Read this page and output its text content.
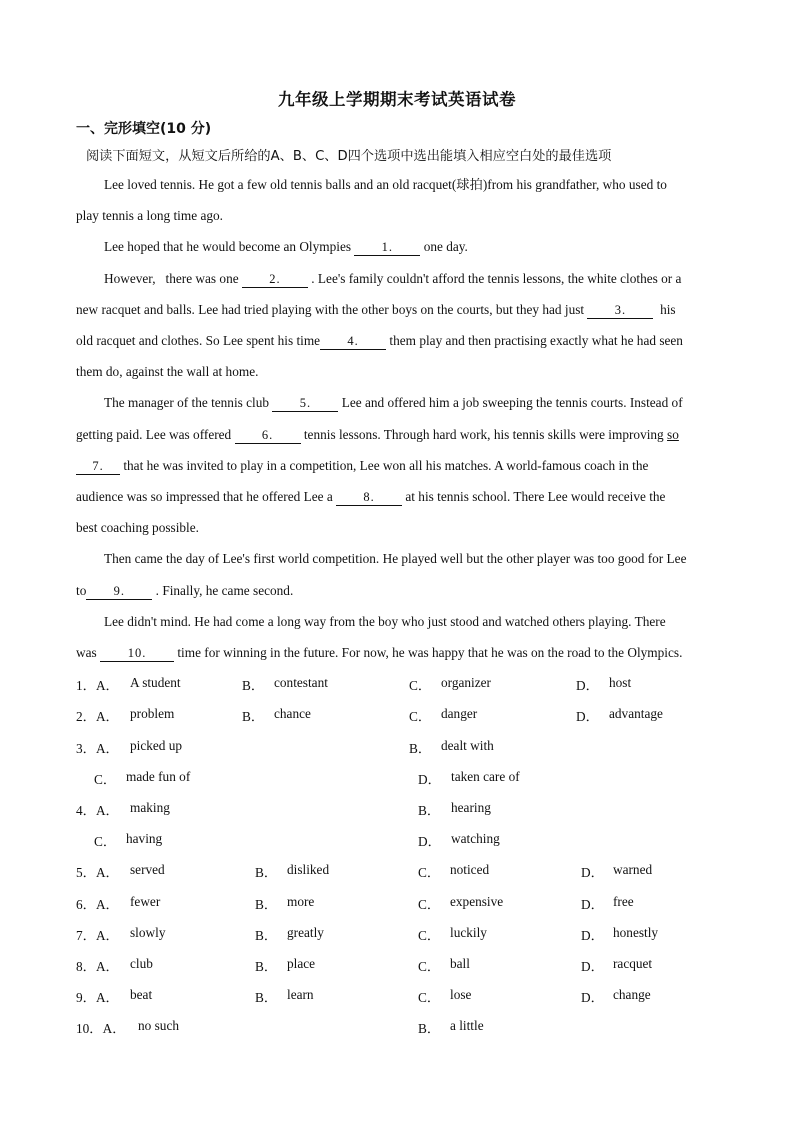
九年级上学期期末考试英语试卷
一、完形填空(10 分)
阅读下面短文，从短文后所给的A、B、C、D四个选项中选出能填入相应空白处的最佳选项
Lee loved tennis. He got a few old tennis balls and an old racquet(球拍)from his grandfather, who used to
play tennis a long time ago.
Lee hoped that he would become an Olympies 1. one day.
However, there was one 2. . Lee's family couldn't afford the tennis lessons, the white clothes or a
new racquet and balls. Lee had tried playing with the other boys on the courts, but they had just 3.	his
old racquet and clothes. So Lee spent his time 4. them play and then practising exactly what he had seen
them do, against the wall at home.
The manager of the tennis club 5. Lee and offered him a job sweeping the tennis courts. Instead of
getting paid. Lee was offered 6. tennis lessons. Through hard work, his tennis skills were improving so
7. that he was invited to play in a competition, Lee won all his matches. A world-famous coach in the
audience was so impressed that he offered Lee a 8. at his tennis school. There Lee would receive the
best coaching possible.
Then came the day of Lee's first world competition. He played well but the other player was too good for Lee
to 9. . Finally, he came second.
Lee didn't mind. He had come a long way from the boy who just stood and watched others playing. There
was 10. time for winning in the future. For now, he was happy that he was on the road to the Olympics.
1．A． A student	B． contestant	C． organizer	D． host
2．A． problem	B． chance	C． danger	D． advantage
3．A． picked up	B． dealt with
C． made fun of	D． taken care of
4．A． making	B． hearing
C． having	D． watching
5．A． served	B． disliked	C． noticed	D． warned
6．A． fewer	B． more	C． expensive	D． free
7．A． slowly	B． greatly	C． luckily	D． honestly
8．A． club	B． place	C． ball	D． racquet
9．A． beat	B． learn	C． lose	D． change
10．A． no such	B． a little
